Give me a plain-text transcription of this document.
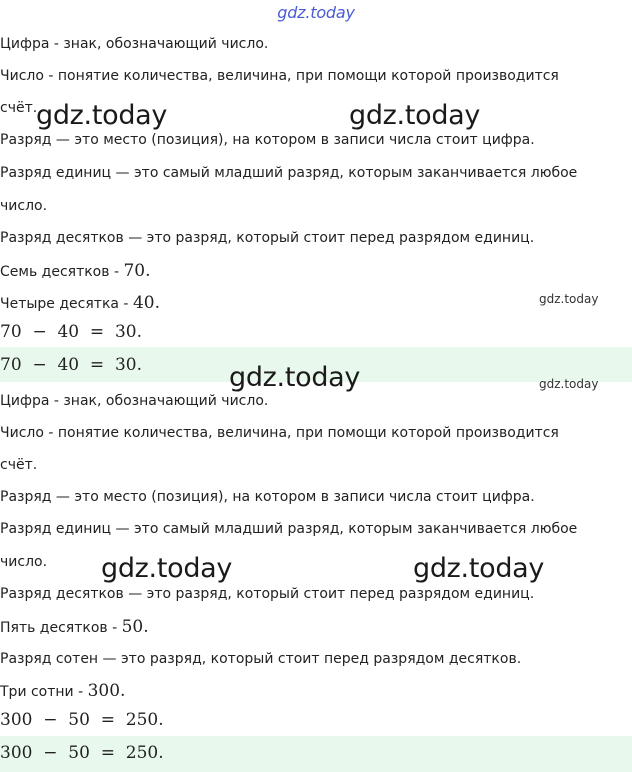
gdz.today
Цифра - знак, обозначающий число.
Число - понятие количества, величина, при помощи которой производится
счёт.
Разряд — это место (позиция), на котором в записи числа стоит цифра.
Разряд единиц — это самый младший разряд, которым заканчивается любое
число.
Разряд десятков — это разряд, который стоит перед разрядом единиц.
Семь десятков - 70.
Четыре десятка - 40.
70  −  40  =  30.
70  −  40  =  30.
Цифра - знак, обозначающий число.
Число - понятие количества, величина, при помощи которой производится
счёт.
Разряд — это место (позиция), на котором в записи числа стоит цифра.
Разряд единиц — это самый младший разряд, которым заканчивается любое
число.
Разряд десятков — это разряд, который стоит перед разрядом единиц.
Пять десятков - 50.
Разряд сотен — это разряд, который стоит перед разрядом десятков.
Три сотни - 300.
300  −  50  =  250.
300  −  50  =  250.
gdz.today	gdz.today
gdz.today
gdz.today	gdz.today
gdz.today	gdz.today
